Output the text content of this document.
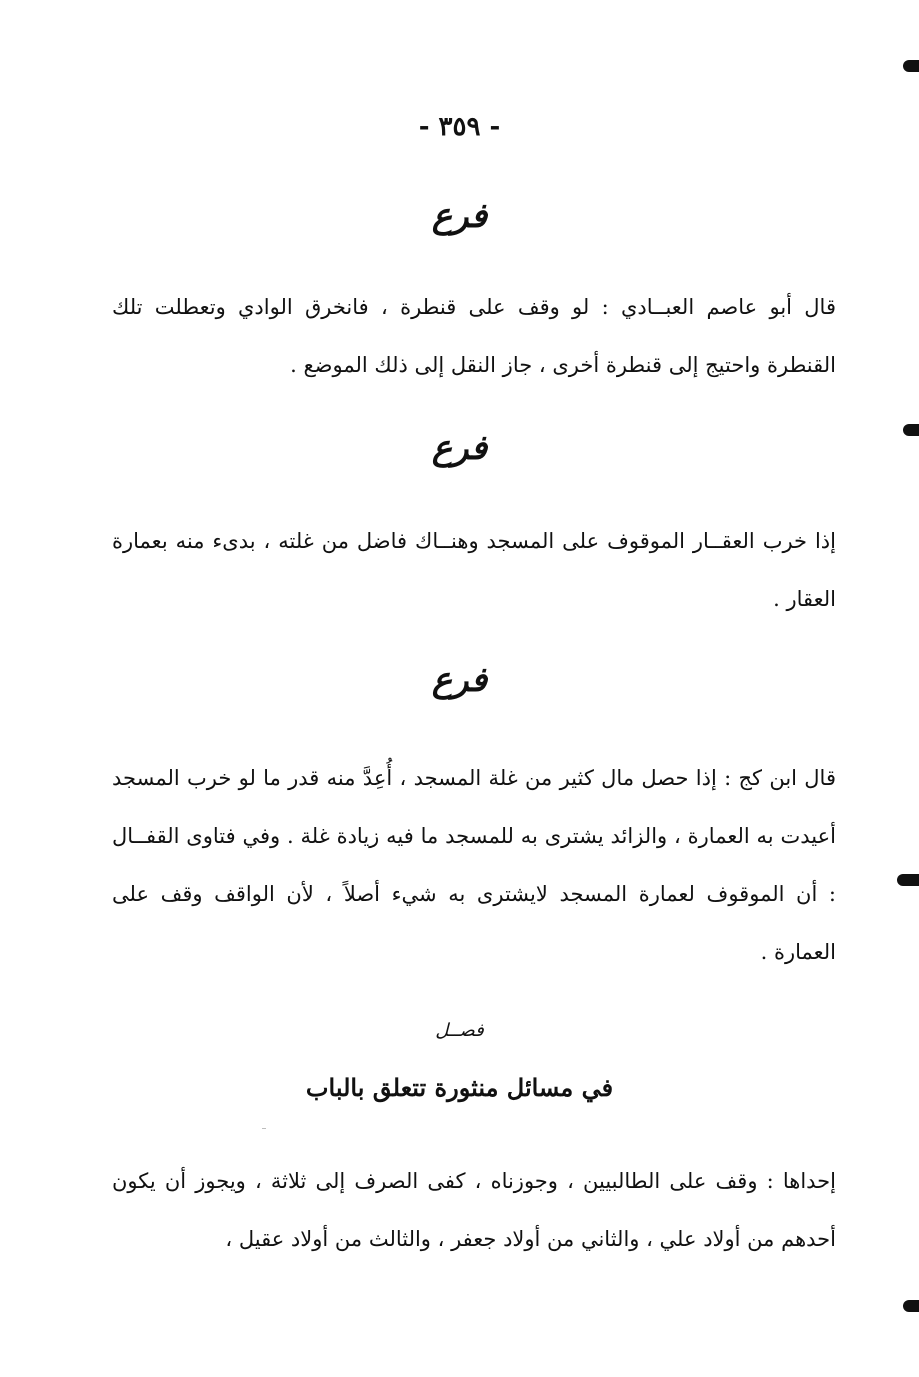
- ٣٥٩ -
فرع
قال أبو عاصم العبــادي : لو وقف على قنطرة ، فانخرق الوادي وتعطلت تلك القنطرة واحتيج إلى قنطرة أخرى ، جاز النقل إلى ذلك الموضع .
فرع
إذا خرب العقــار الموقوف على المسجد وهنــاك فاضل من غلته ، بدىء منه بعمارة العقار .
فرع
قال ابن كج : إذا حصل مال كثير من غلة المسجد ، أُعِدَّ منه قدر ما لو خرب المسجد أعيدت به العمارة ، والزائد يشترى به للمسجد ما فيه زيادة غلة . وفي فتاوى القفــال : أن الموقوف لعمارة المسجد لايشترى به شيء أصلاً ، لأن الواقف وقف على العمارة .
فصــل
في مسائل منثورة تتعلق بالباب
إحداها : وقف على الطالبيين ، وجوزناه ، كفى الصرف إلى ثلاثة ، ويجوز أن يكون أحدهم من أولاد علي ، والثاني من أولاد جعفر ، والثالث من أولاد عقيل ،
